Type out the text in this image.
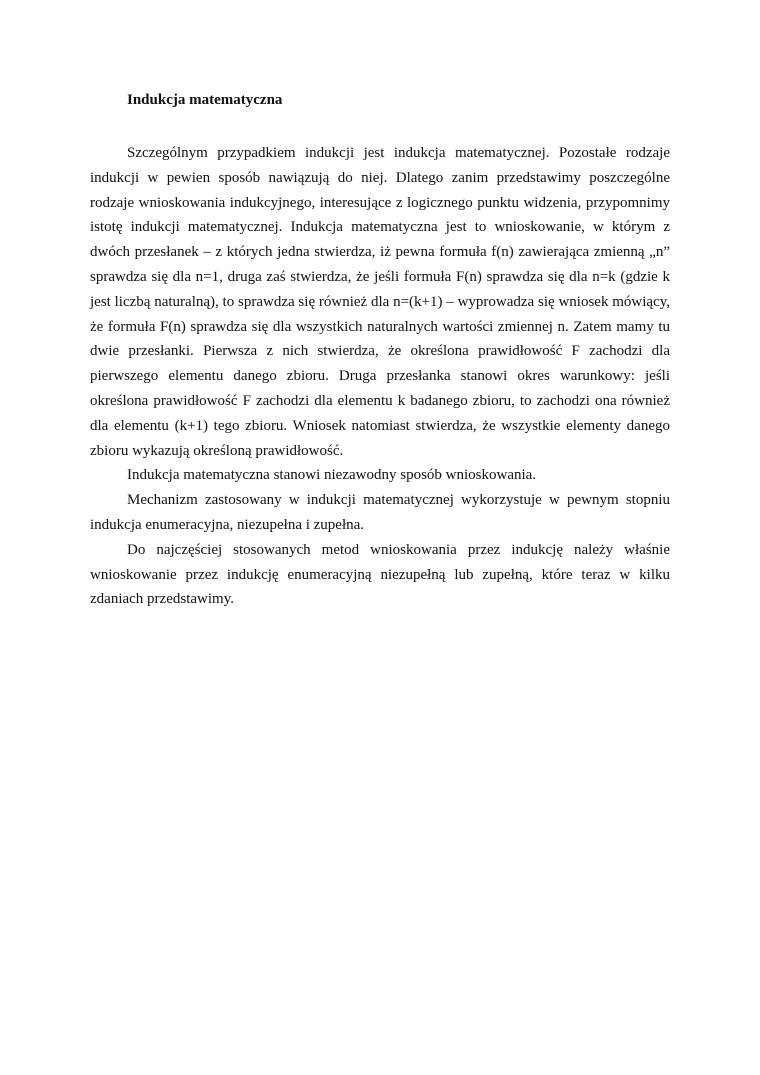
Indukcja matematyczna

Szczególnym przypadkiem indukcji jest indukcja matematycznej. Pozostałe rodzaje indukcji w pewien sposób nawiązują do niej. Dlatego zanim przedstawimy poszczególne rodzaje wnioskowania indukcyjnego, interesujące z logicznego punktu widzenia, przypomnimy istotę indukcji matematycznej. Indukcja matematyczna jest to wnioskowanie, w którym z dwóch przesłanek – z których jedna stwierdza, iż pewna formuła f(n) zawierająca zmienną „n” sprawdza się dla n=1, druga zaś stwierdza, że jeśli formuła F(n) sprawdza się dla n=k (gdzie k jest liczbą naturalną), to sprawdza się również dla n=(k+1) – wyprowadza się wniosek mówiący, że formuła F(n) sprawdza się dla wszystkich naturalnych wartości zmiennej n. Zatem mamy tu dwie przesłanki. Pierwsza z nich stwierdza, że określona prawidłowość F zachodzi dla pierwszego elementu danego zbioru. Druga przesłanka stanowi okres warunkowy: jeśli określona prawidłowość F zachodzi dla elementu k badanego zbioru, to zachodzi ona również dla elementu (k+1) tego zbioru. Wniosek natomiast stwierdza, że wszystkie elementy danego zbioru wykazują określoną prawidłowość.

Indukcja matematyczna stanowi niezawodny sposób wnioskowania.

Mechanizm zastosowany w indukcji matematycznej wykorzystuje w pewnym stopniu indukcja enumeracyjna, niezupełna i zupełna.

Do najczęściej stosowanych metod wnioskowania przez indukcję należy właśnie wnioskowanie przez indukcję enumeracyjną niezupełną lub zupełną, które teraz w kilku zdaniach przedstawimy.
